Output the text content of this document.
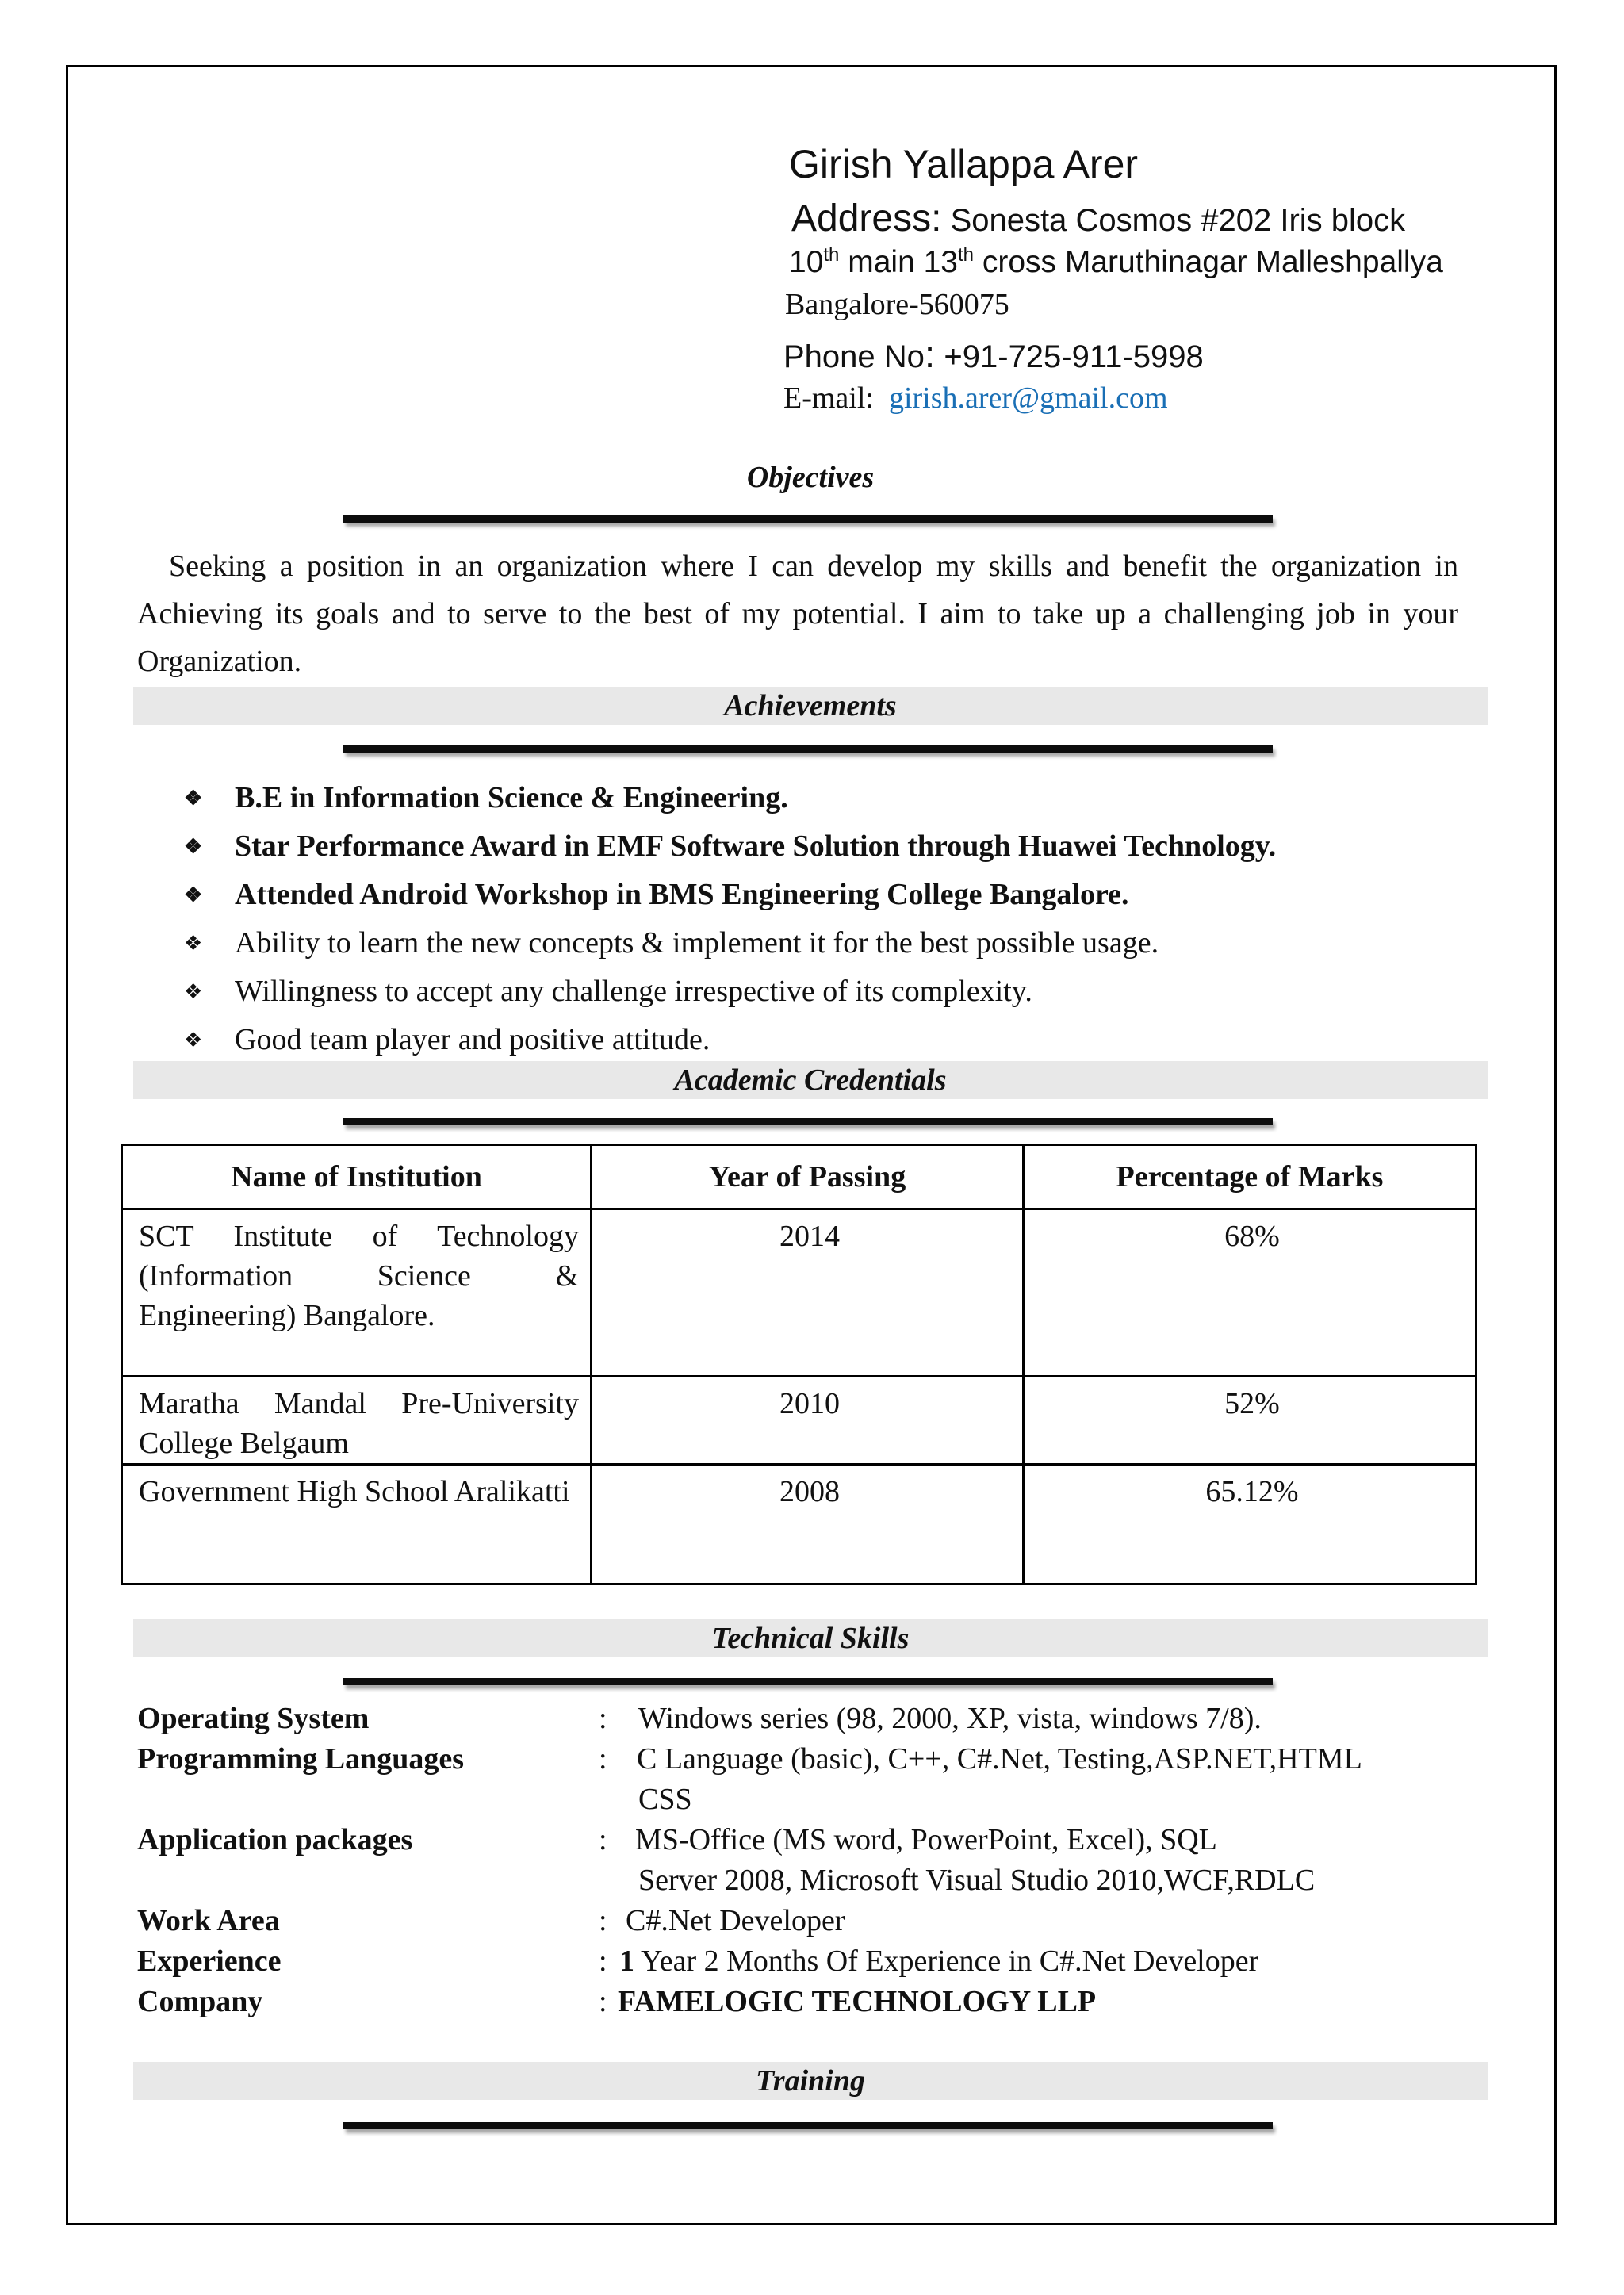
Girish Yallappa Arer
Address: Sonesta Cosmos #202 Iris block
10th main 13th cross Maruthinagar Malleshpallya
Bangalore-560075
Phone No: +91-725-911-5998
E-mail: girish.arer@gmail.com
Objectives
Seeking a position in an organization where I can develop my skills and benefit the organization in Achieving its goals and to serve to the best of my potential. I aim to take up a challenging job in your Organization.
Achievements
❖ B.E in Information Science & Engineering.
❖ Star Performance Award in EMF Software Solution through Huawei Technology.
❖ Attended Android Workshop in BMS Engineering College Bangalore.
❖ Ability to learn the new concepts & implement it for the best possible usage.
❖ Willingness to accept any challenge irrespective of its complexity.
❖ Good team player and positive attitude.
Academic Credentials
Name of Institution	Year of Passing	Percentage of Marks
SCT Institute of Technology (Information Science & Engineering) Bangalore.	2014	68%
Maratha Mandal Pre-University College Belgaum	2010	52%
Government High School Aralikatti	2008	65.12%
Technical Skills
Operating System	: Windows series (98, 2000, XP, vista, windows 7/8).
Programming Languages	: C Language (basic), C++, C#.Net, Testing,ASP.NET,HTML
CSS
Application packages	: MS-Office (MS word, PowerPoint, Excel), SQL
Server 2008, Microsoft Visual Studio 2010,WCF,RDLC
Work Area	: C#.Net Developer
Experience	: 1 Year 2 Months Of Experience in C#.Net Developer
Company	: FAMELOGIC TECHNOLOGY LLP
Training
